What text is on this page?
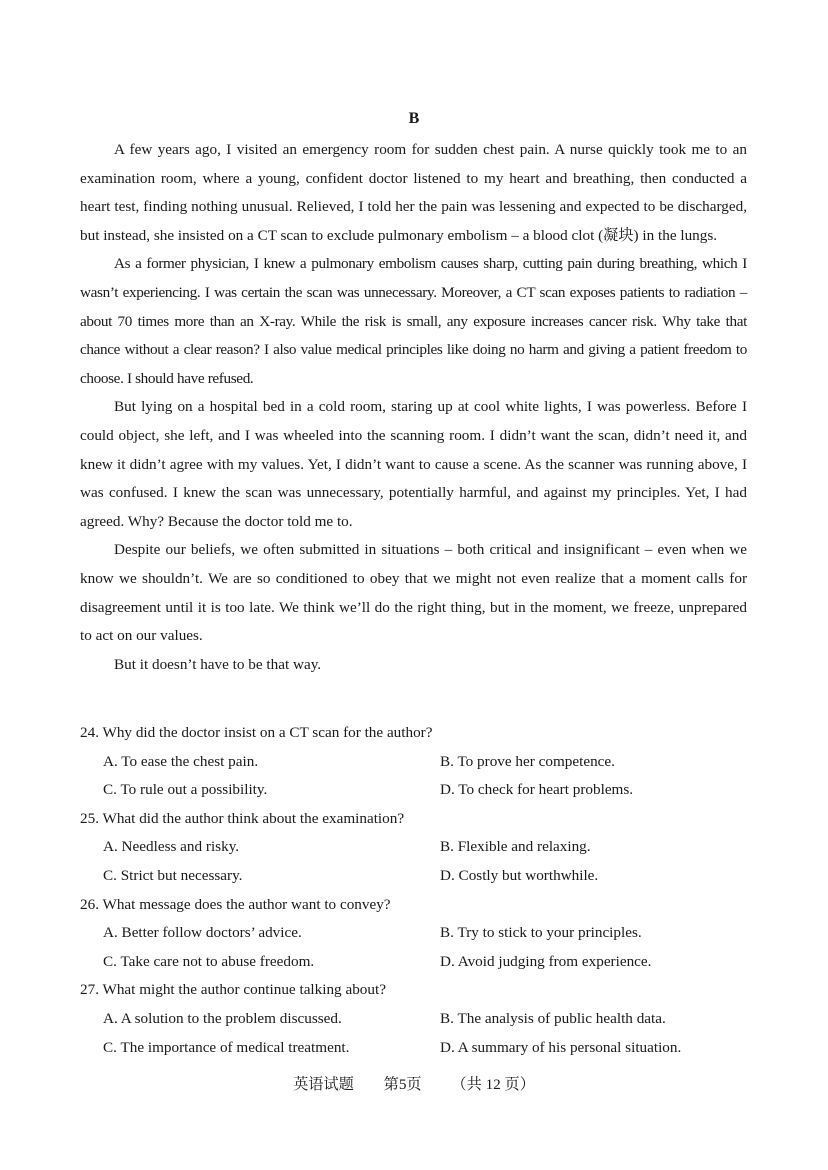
B

A few years ago, I visited an emergency room for sudden chest pain. A nurse quickly took me to an examination room, where a young, confident doctor listened to my heart and breathing, then conducted a heart test, finding nothing unusual. Relieved, I told her the pain was lessening and expected to be discharged, but instead, she insisted on a CT scan to exclude pulmonary embolism – a blood clot (凝块) in the lungs.

As a former physician, I knew a pulmonary embolism causes sharp, cutting pain during breathing, which I wasn’t experiencing. I was certain the scan was unnecessary. Moreover, a CT scan exposes patients to radiation – about 70 times more than an X-ray. While the risk is small, any exposure increases cancer risk. Why take that chance without a clear reason? I also value medical principles like doing no harm and giving a patient freedom to choose. I should have refused.

But lying on a hospital bed in a cold room, staring up at cool white lights, I was powerless. Before I could object, she left, and I was wheeled into the scanning room. I didn’t want the scan, didn’t need it, and knew it didn’t agree with my values. Yet, I didn’t want to cause a scene. As the scanner was running above, I was confused. I knew the scan was unnecessary, potentially harmful, and against my principles. Yet, I had agreed. Why? Because the doctor told me to.

Despite our beliefs, we often submitted in situations – both critical and insignificant – even when we know we shouldn’t. We are so conditioned to obey that we might not even realize that a moment calls for disagreement until it is too late. We think we’ll do the right thing, but in the moment, we freeze, unprepared to act on our values.

But it doesn’t have to be that way.

24. Why did the doctor insist on a CT scan for the author?

A. To ease the chest pain.	B. To prove her competence.
C. To rule out a possibility.	D. To check for heart problems.

25. What did the author think about the examination?

A. Needless and risky.	B. Flexible and relaxing.
C. Strict but necessary.	D. Costly but worthwhile.

26. What message does the author want to convey?

A. Better follow doctors’ advice.	B. Try to stick to your principles.
C. Take care not to abuse freedom.	D. Avoid judging from experience.

27. What might the author continue talking about?

A. A solution to the problem discussed.	B. The analysis of public health data.
C. The importance of medical treatment.	D. A summary of his personal situation.
英语试题 第5页 （共 12 页）
